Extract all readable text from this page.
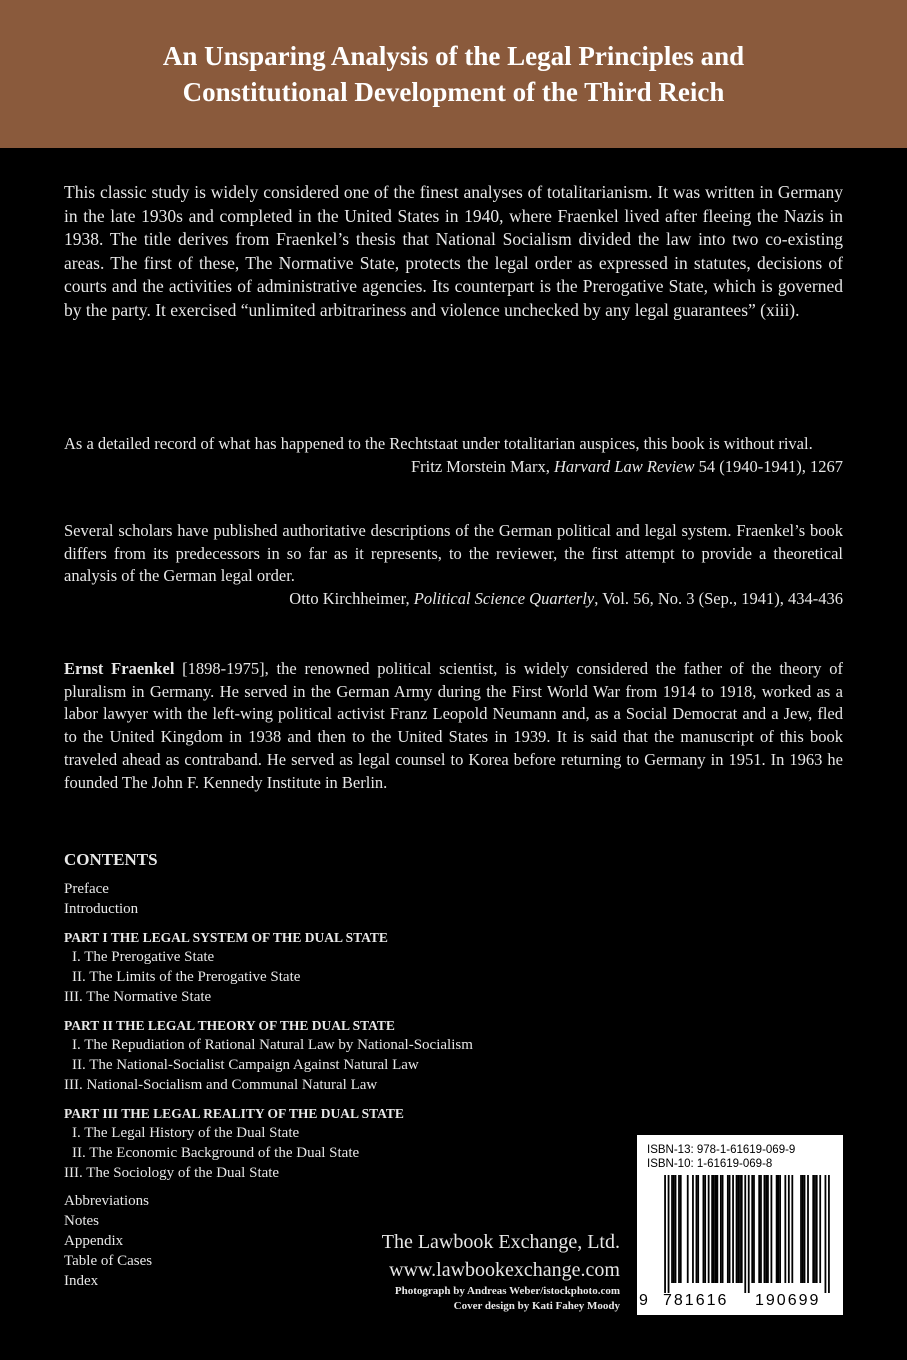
An Unsparing Analysis of the Legal Principles and
Constitutional Development of the Third Reich

This classic study is widely considered one of the finest analyses of totalitarianism. It was written in Germany in the late 1930s and completed in the United States in 1940, where Fraenkel lived after fleeing the Nazis in 1938. The title derives from Fraenkel’s thesis that National Socialism divided the law into two co-existing areas. The first of these, The Normative State, protects the legal order as expressed in statutes, decisions of courts and the activities of administrative agencies. Its counterpart is the Prerogative State, which is governed by the party. It exercised “unlimited arbitrariness and violence unchecked by any legal guarantees” (xiii).

As a detailed record of what has happened to the Rechtstaat under totalitarian auspices, this book is without rival.
Fritz Morstein Marx, Harvard Law Review 54 (1940-1941), 1267

Several scholars have published authoritative descriptions of the German political and legal system. Fraenkel’s book differs from its predecessors in so far as it represents, to the reviewer, the first attempt to provide a theoretical analysis of the German legal order.
Otto Kirchheimer, Political Science Quarterly, Vol. 56, No. 3 (Sep., 1941), 434-436

Ernst Fraenkel [1898-1975], the renowned political scientist, is widely considered the father of the theory of pluralism in Germany. He served in the German Army during the First World War from 1914 to 1918, worked as a labor lawyer with the left-wing political activist Franz Leopold Neumann and, as a Social Democrat and a Jew, fled to the United Kingdom in 1938 and then to the United States in 1939. It is said that the manuscript of this book traveled ahead as contraband. He served as legal counsel to Korea before returning to Germany in 1951. In 1963 he founded The John F. Kennedy Institute in Berlin.

CONTENTS
Preface
Introduction
PART I THE LEGAL SYSTEM OF THE DUAL STATE
I. The Prerogative State
II. The Limits of the Prerogative State
III. The Normative State
PART II THE LEGAL THEORY OF THE DUAL STATE
I. The Repudiation of Rational Natural Law by National-Socialism
II. The National-Socialist Campaign Against Natural Law
III. National-Socialism and Communal Natural Law
PART III THE LEGAL REALITY OF THE DUAL STATE
I. The Legal History of the Dual State
II. The Economic Background of the Dual State
III. The Sociology of the Dual State
Abbreviations
Notes
Appendix
Table of Cases
Index
The Lawbook Exchange, Ltd.
www.lawbookexchange.com
Photograph by Andreas Weber/istockphoto.com
Cover design by Kati Fahey Moody
ISBN-13: 978-1-61619-069-9
ISBN-10: 1-61619-069-8
9 781616 190699
